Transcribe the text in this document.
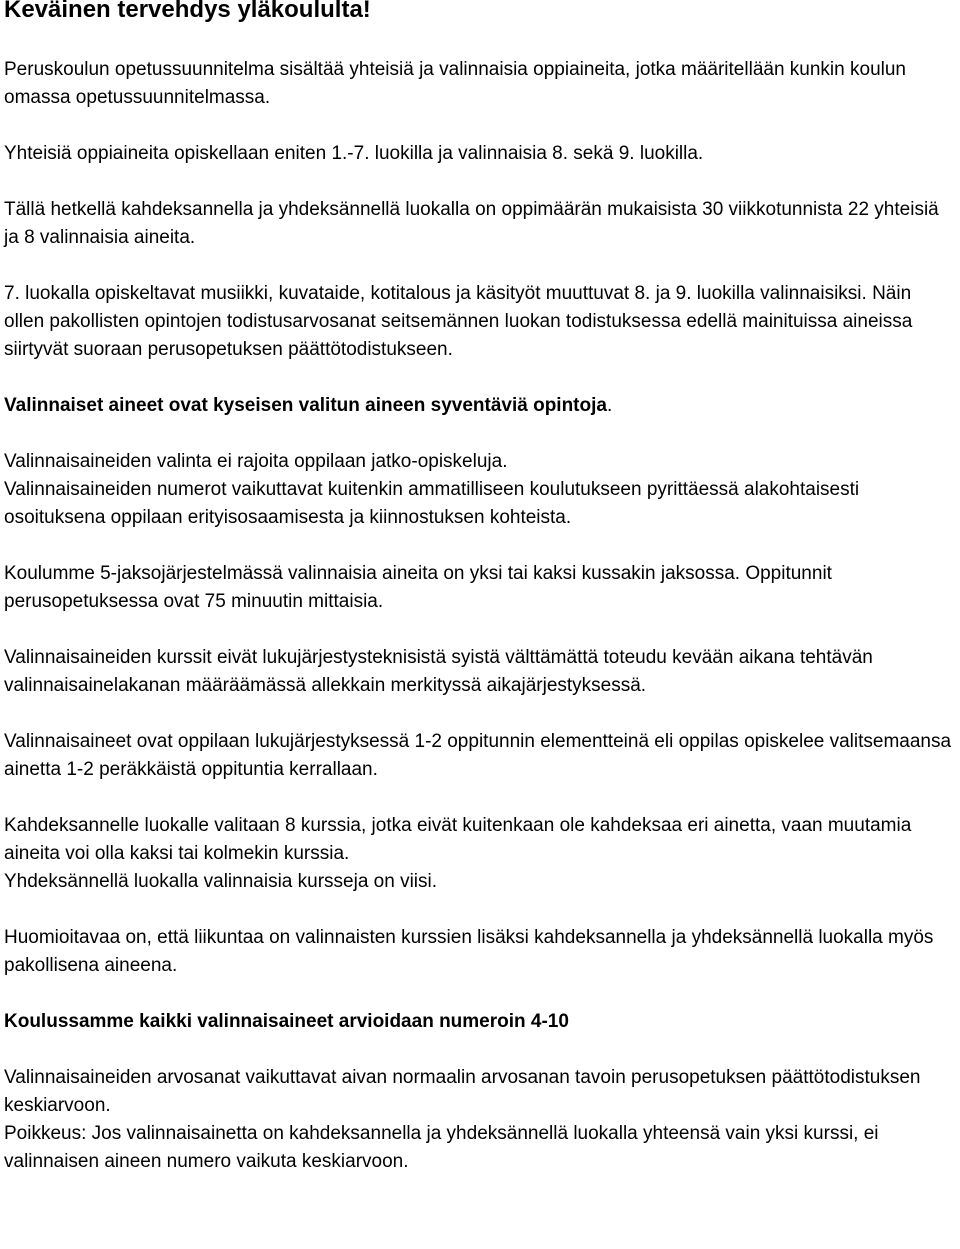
Keväinen tervehdys yläkoululta!

Peruskoulun opetussuunnitelma sisältää yhteisiä ja valinnaisia oppiaineita, jotka määritellään kunkin koulun omassa opetussuunnitelmassa.

Yhteisiä oppiaineita opiskellaan eniten 1.-7. luokilla ja valinnaisia 8. sekä 9. luokilla.

Tällä hetkellä kahdeksannella ja yhdeksännellä luokalla on oppimäärän mukaisista 30 viikkotunnista 22 yhteisiä ja 8 valinnaisia aineita.

7. luokalla opiskeltavat musiikki, kuvataide, kotitalous ja käsityöt muuttuvat 8. ja 9. luokilla valinnaisiksi. Näin ollen pakollisten opintojen todistusarvosanat seitsemännen luokan todistuksessa edellä mainituissa aineissa siirtyvät suoraan perusopetuksen päättötodistukseen.

Valinnaiset aineet ovat kyseisen valitun aineen syventäviä opintoja.

Valinnaisaineiden valinta ei rajoita oppilaan jatko-opiskeluja.

Valinnaisaineiden numerot vaikuttavat kuitenkin ammatilliseen koulutukseen pyrittäessä alakohtaisesti osoituksena oppilaan erityisosaamisesta ja kiinnostuksen kohteista.

Koulumme 5-jaksojärjestelmässä valinnaisia aineita on yksi tai kaksi kussakin jaksossa. Oppitunnit perusopetuksessa ovat 75 minuutin mittaisia.

Valinnaisaineiden kurssit eivät lukujärjestysteknisistä syistä välttämättä toteudu kevään aikana tehtävän valinnaisainelakanan määräämässä allekkain merkityssä aikajärjestyksessä.

Valinnaisaineet ovat oppilaan lukujärjestyksessä 1-2 oppitunnin elementteinä eli oppilas opiskelee valitsemaansa ainetta 1-2 peräkkäistä oppituntia kerrallaan.

Kahdeksannelle luokalle valitaan 8 kurssia, jotka eivät kuitenkaan ole kahdeksaa eri ainetta, vaan muutamia aineita voi olla kaksi tai kolmekin kurssia.

Yhdeksännellä luokalla valinnaisia kursseja on viisi.

Huomioitavaa on, että liikuntaa on valinnaisten kurssien lisäksi kahdeksannella ja yhdeksännellä luokalla myös pakollisena aineena.

Koulussamme kaikki valinnaisaineet arvioidaan numeroin 4-10

Valinnaisaineiden arvosanat vaikuttavat aivan normaalin arvosanan tavoin perusopetuksen päättötodistuksen keskiarvoon.

Poikkeus: Jos valinnaisainetta on kahdeksannella ja yhdeksännellä luokalla yhteensä vain yksi kurssi, ei valinnaisen aineen numero vaikuta keskiarvoon.
